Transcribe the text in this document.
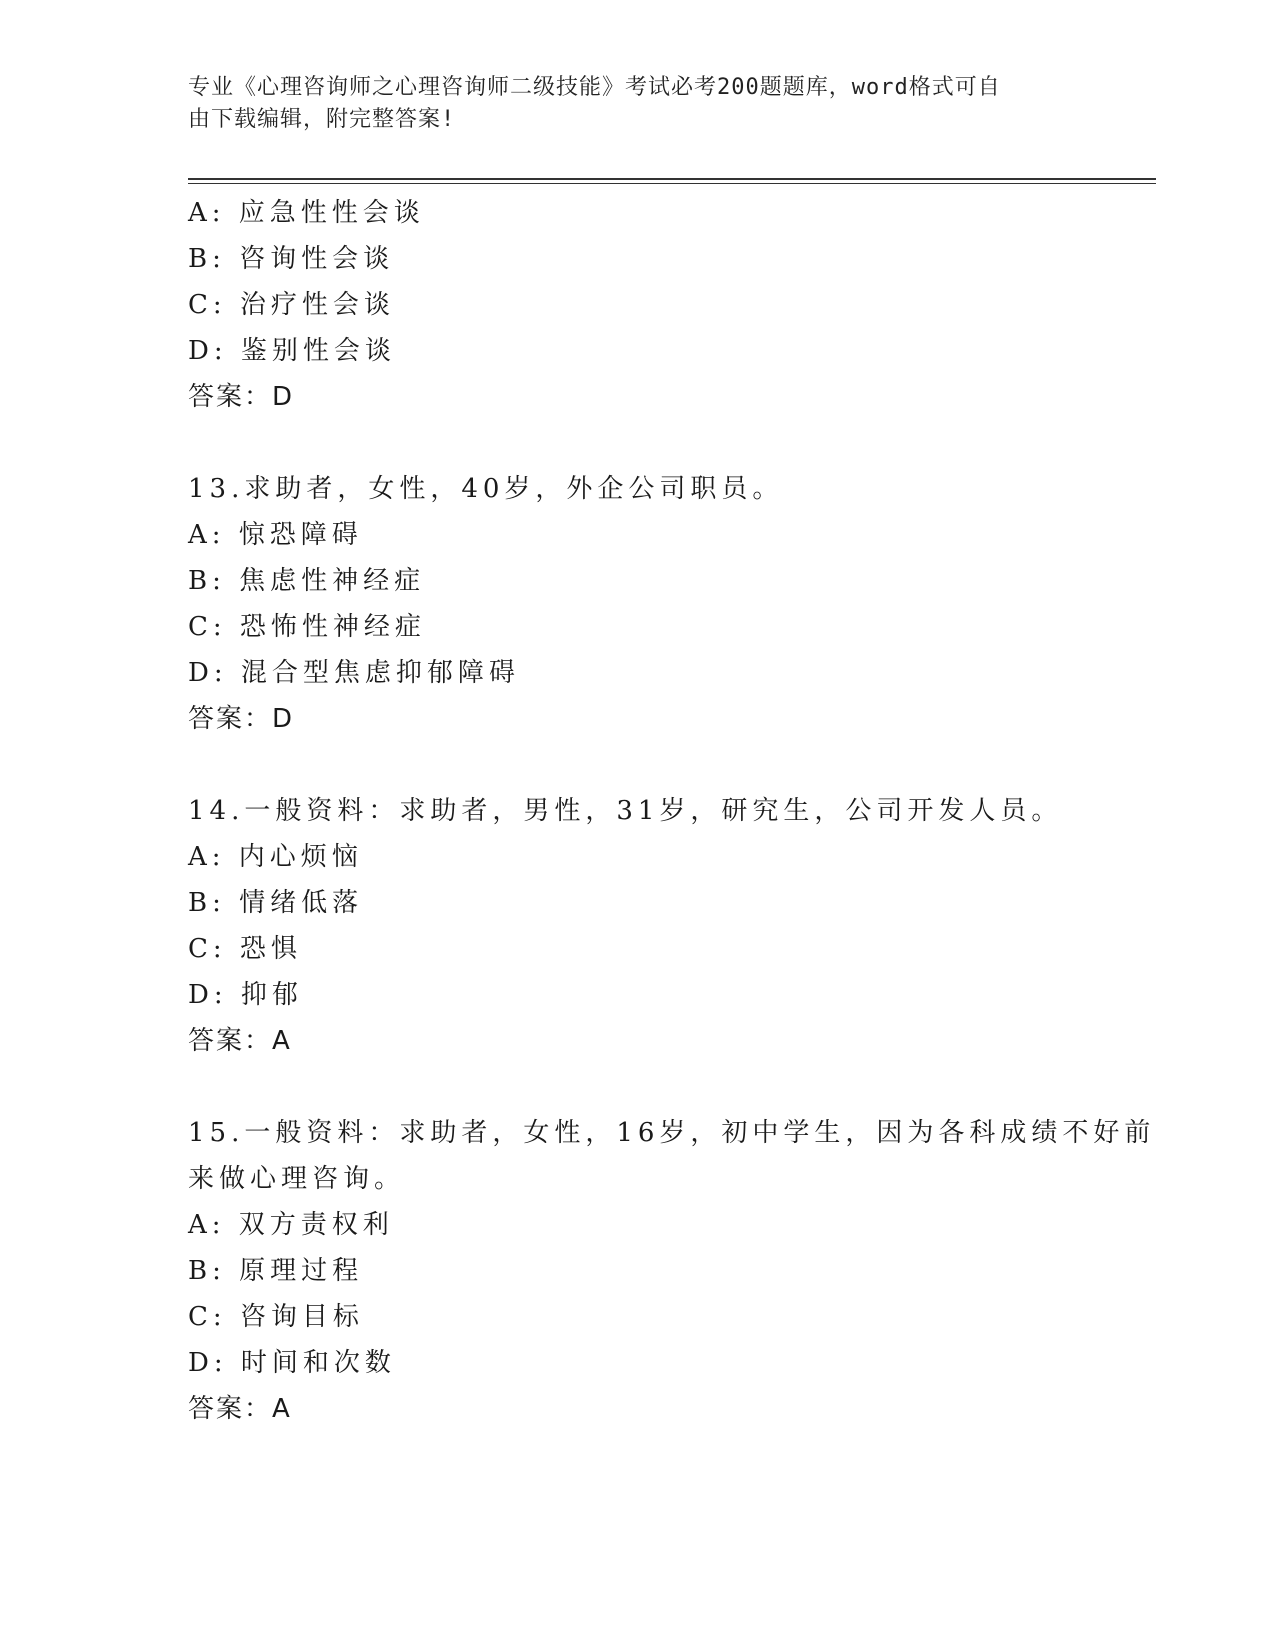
专业《心理咨询师之心理咨询师二级技能》考试必考200题题库，word格式可自
由下载编辑，附完整答案!
A: 应急性性会谈
B: 咨询性会谈
C: 治疗性会谈
D: 鉴别性会谈
答案：D
13.求助者，女性，40岁，外企公司职员。
A: 惊恐障碍
B: 焦虑性神经症
C: 恐怖性神经症
D: 混合型焦虑抑郁障碍
答案：D
14.一般资料：求助者，男性，31岁，研究生，公司开发人员。
A: 内心烦恼
B: 情绪低落
C: 恐惧
D: 抑郁
答案：A
15.一般资料：求助者，女性，16岁，初中学生，因为各科成绩不好前
来做心理咨询。
A: 双方责权利
B: 原理过程
C: 咨询目标
D: 时间和次数
答案：A
